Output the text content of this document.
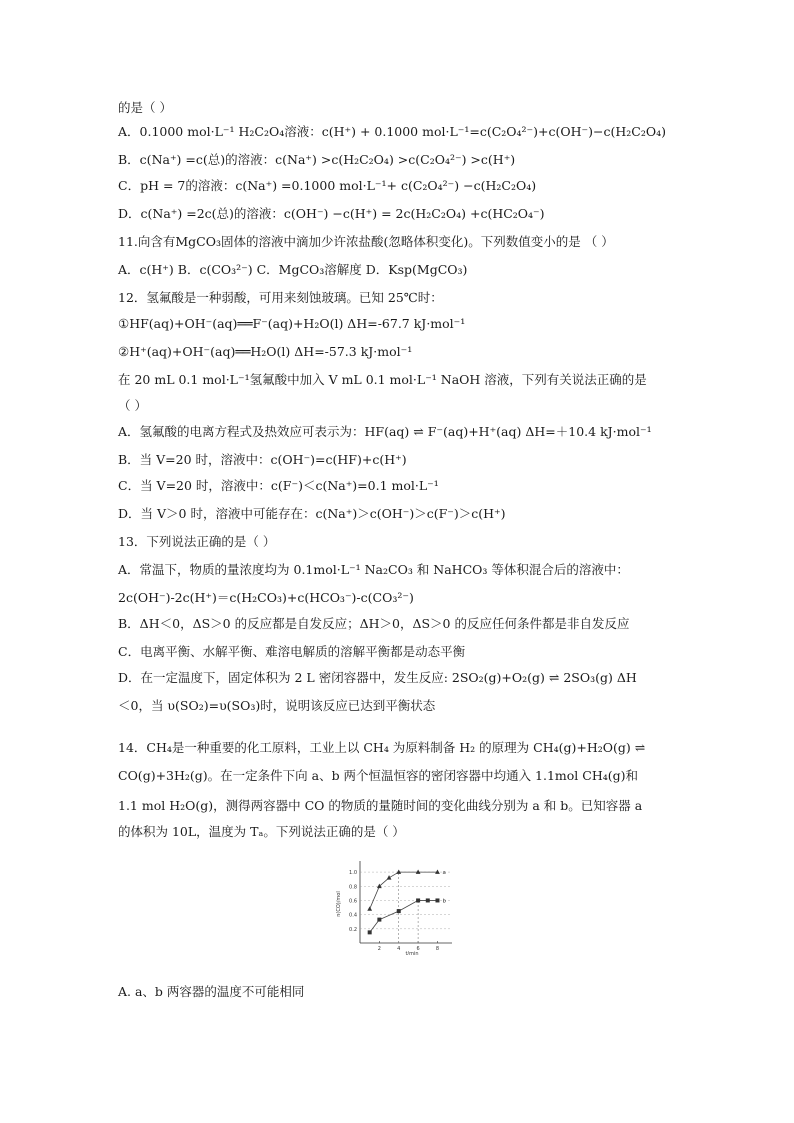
的是（ ）
A．0.1000 mol·L⁻¹ H₂C₂O₄溶液：c(H⁺) + 0.1000 mol·L⁻¹=c(C₂O₄²⁻)+c(OH⁻)−c(H₂C₂O₄)
B．c(Na⁺) =c(总)的溶液：c(Na⁺) >c(H₂C₂O₄) >c(C₂O₄²⁻) >c(H⁺)
C．pH = 7的溶液：c(Na⁺) =0.1000 mol·L⁻¹+ c(C₂O₄²⁻) −c(H₂C₂O₄)
D．c(Na⁺) =2c(总)的溶液：c(OH⁻) −c(H⁺) = 2c(H₂C₂O₄) +c(HC₂O₄⁻)
11.向含有MgCO₃固体的溶液中滴加少许浓盐酸(忽略体积变化)。下列数值变小的是 （ ）
A．c(H⁺) B．c(CO₃²⁻) C．MgCO₃溶解度 D．Ksp(MgCO₃)
12．氢氟酸是一种弱酸，可用来刻蚀玻璃。已知 25℃时：
①HF(aq)+OH⁻(aq)══F⁻(aq)+H₂O(l) ΔH=-67.7 kJ·mol⁻¹
②H⁺(aq)+OH⁻(aq)══H₂O(l) ΔH=-57.3 kJ·mol⁻¹
在 20 mL 0.1 mol·L⁻¹氢氟酸中加入 V mL 0.1 mol·L⁻¹ NaOH 溶液，下列有关说法正确的是
（ ）
A．氢氟酸的电离方程式及热效应可表示为：HF(aq) ⇌ F⁻(aq)+H⁺(aq) ΔH=＋10.4 kJ·mol⁻¹
B．当 V=20 时，溶液中：c(OH⁻)=c(HF)+c(H⁺)
C．当 V=20 时，溶液中：c(F⁻)＜c(Na⁺)=0.1 mol·L⁻¹
D．当 V＞0 时，溶液中可能存在：c(Na⁺)＞c(OH⁻)＞c(F⁻)＞c(H⁺)
13．下列说法正确的是（ ）
A．常温下，物质的量浓度均为 0.1mol·L⁻¹ Na₂CO₃ 和 NaHCO₃ 等体积混合后的溶液中：
2c(OH⁻)-2c(H⁺)＝c(H₂CO₃)+c(HCO₃⁻)-c(CO₃²⁻)
B．ΔH＜0，ΔS＞0 的反应都是自发反应；ΔH＞0，ΔS＞0 的反应任何条件都是非自发反应
C．电离平衡、水解平衡、难溶电解质的溶解平衡都是动态平衡
D．在一定温度下，固定体积为 2 L 密闭容器中，发生反应: 2SO₂(g)+O₂(g) ⇌ 2SO₃(g) ΔH
＜0，当 υ(SO₂)=υ(SO₃)时，说明该反应已达到平衡状态
14．CH₄是一种重要的化工原料，工业上以 CH₄ 为原料制备 H₂ 的原理为 CH₄(g)+H₂O(g) ⇌
CO(g)+3H₂(g)。在一定条件下向 a、b 两个恒温恒容的密闭容器中均通入 1.1mol CH₄(g)和
1.1 mol H₂O(g)，测得两容器中 CO 的物质的量随时间的变化曲线分别为 a 和 b。已知容器 a
的体积为 10L，温度为 Tₐ。下列说法正确的是（ ）
A. a、b 两容器的温度不可能相同
0.2
0.4
0.6
0.8
1.0
2	4	6	8
t/min
n(CO)/mol
a
b
